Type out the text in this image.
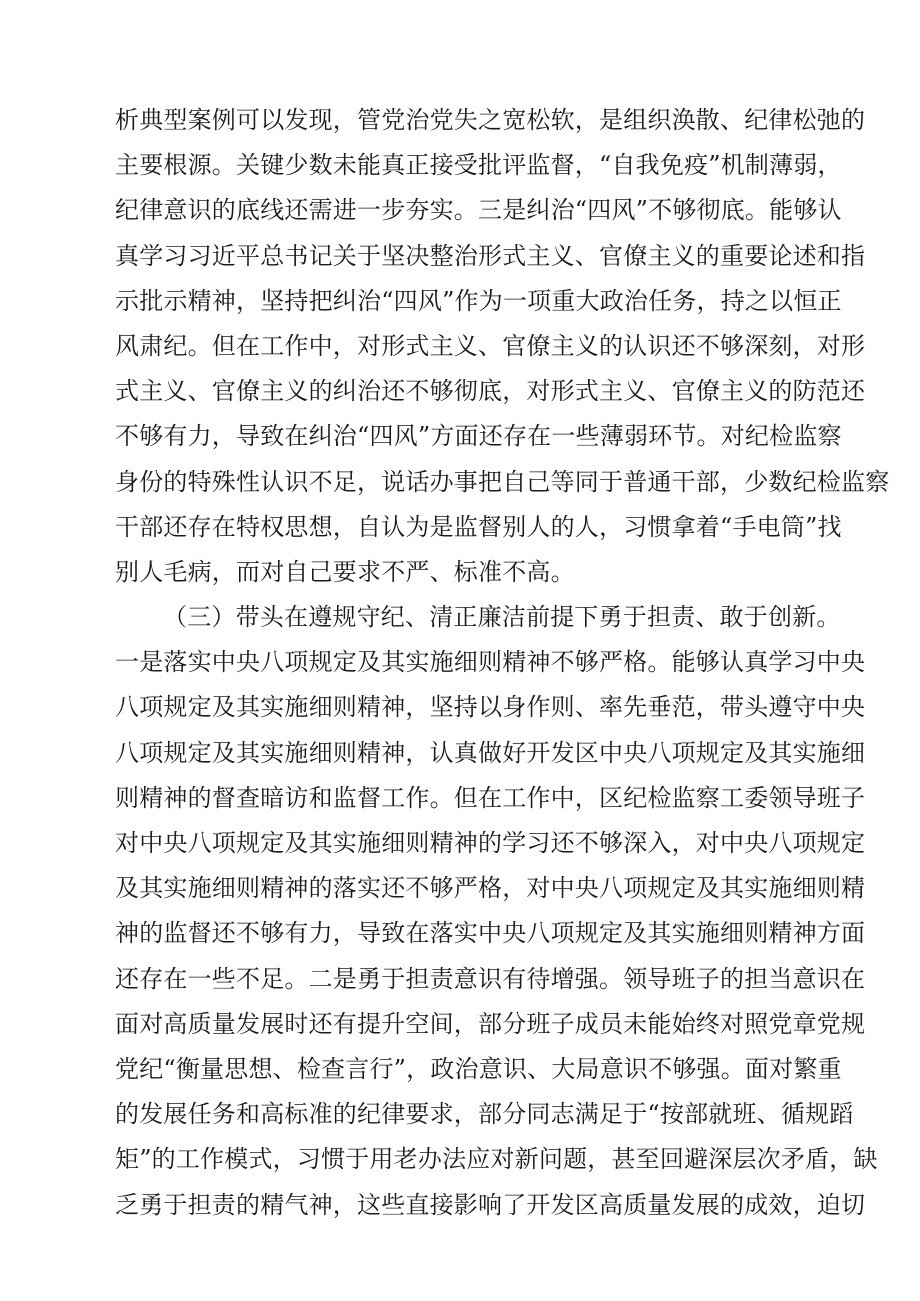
析典型案例可以发现，管党治党失之宽松软，是组织涣散、纪律松弛的
主要根源。关键少数未能真正接受批评监督，“自我免疫”机制薄弱，
纪律意识的底线还需进一步夯实。三是纠治“四风”不够彻底。能够认
真学习习近平总书记关于坚决整治形式主义、官僚主义的重要论述和指
示批示精神，坚持把纠治“四风”作为一项重大政治任务，持之以恒正
风肃纪。但在工作中，对形式主义、官僚主义的认识还不够深刻，对形
式主义、官僚主义的纠治还不够彻底，对形式主义、官僚主义的防范还
不够有力，导致在纠治“四风”方面还存在一些薄弱环节。对纪检监察
身份的特殊性认识不足，说话办事把自己等同于普通干部，少数纪检监察
干部还存在特权思想，自认为是监督别人的人，习惯拿着“手电筒”找
别人毛病，而对自己要求不严、标准不高。
（三）带头在遵规守纪、清正廉洁前提下勇于担责、敢于创新。
一是落实中央八项规定及其实施细则精神不够严格。能够认真学习中央
八项规定及其实施细则精神，坚持以身作则、率先垂范，带头遵守中央
八项规定及其实施细则精神，认真做好开发区中央八项规定及其实施细
则精神的督查暗访和监督工作。但在工作中，区纪检监察工委领导班子
对中央八项规定及其实施细则精神的学习还不够深入，对中央八项规定
及其实施细则精神的落实还不够严格，对中央八项规定及其实施细则精
神的监督还不够有力，导致在落实中央八项规定及其实施细则精神方面
还存在一些不足。二是勇于担责意识有待增强。领导班子的担当意识在
面对高质量发展时还有提升空间，部分班子成员未能始终对照党章党规
党纪“衡量思想、检查言行”，政治意识、大局意识不够强。面对繁重
的发展任务和高标准的纪律要求，部分同志满足于“按部就班、循规蹈
矩”的工作模式，习惯于用老办法应对新问题，甚至回避深层次矛盾，缺
乏勇于担责的精气神，这些直接影响了开发区高质量发展的成效，迫切
